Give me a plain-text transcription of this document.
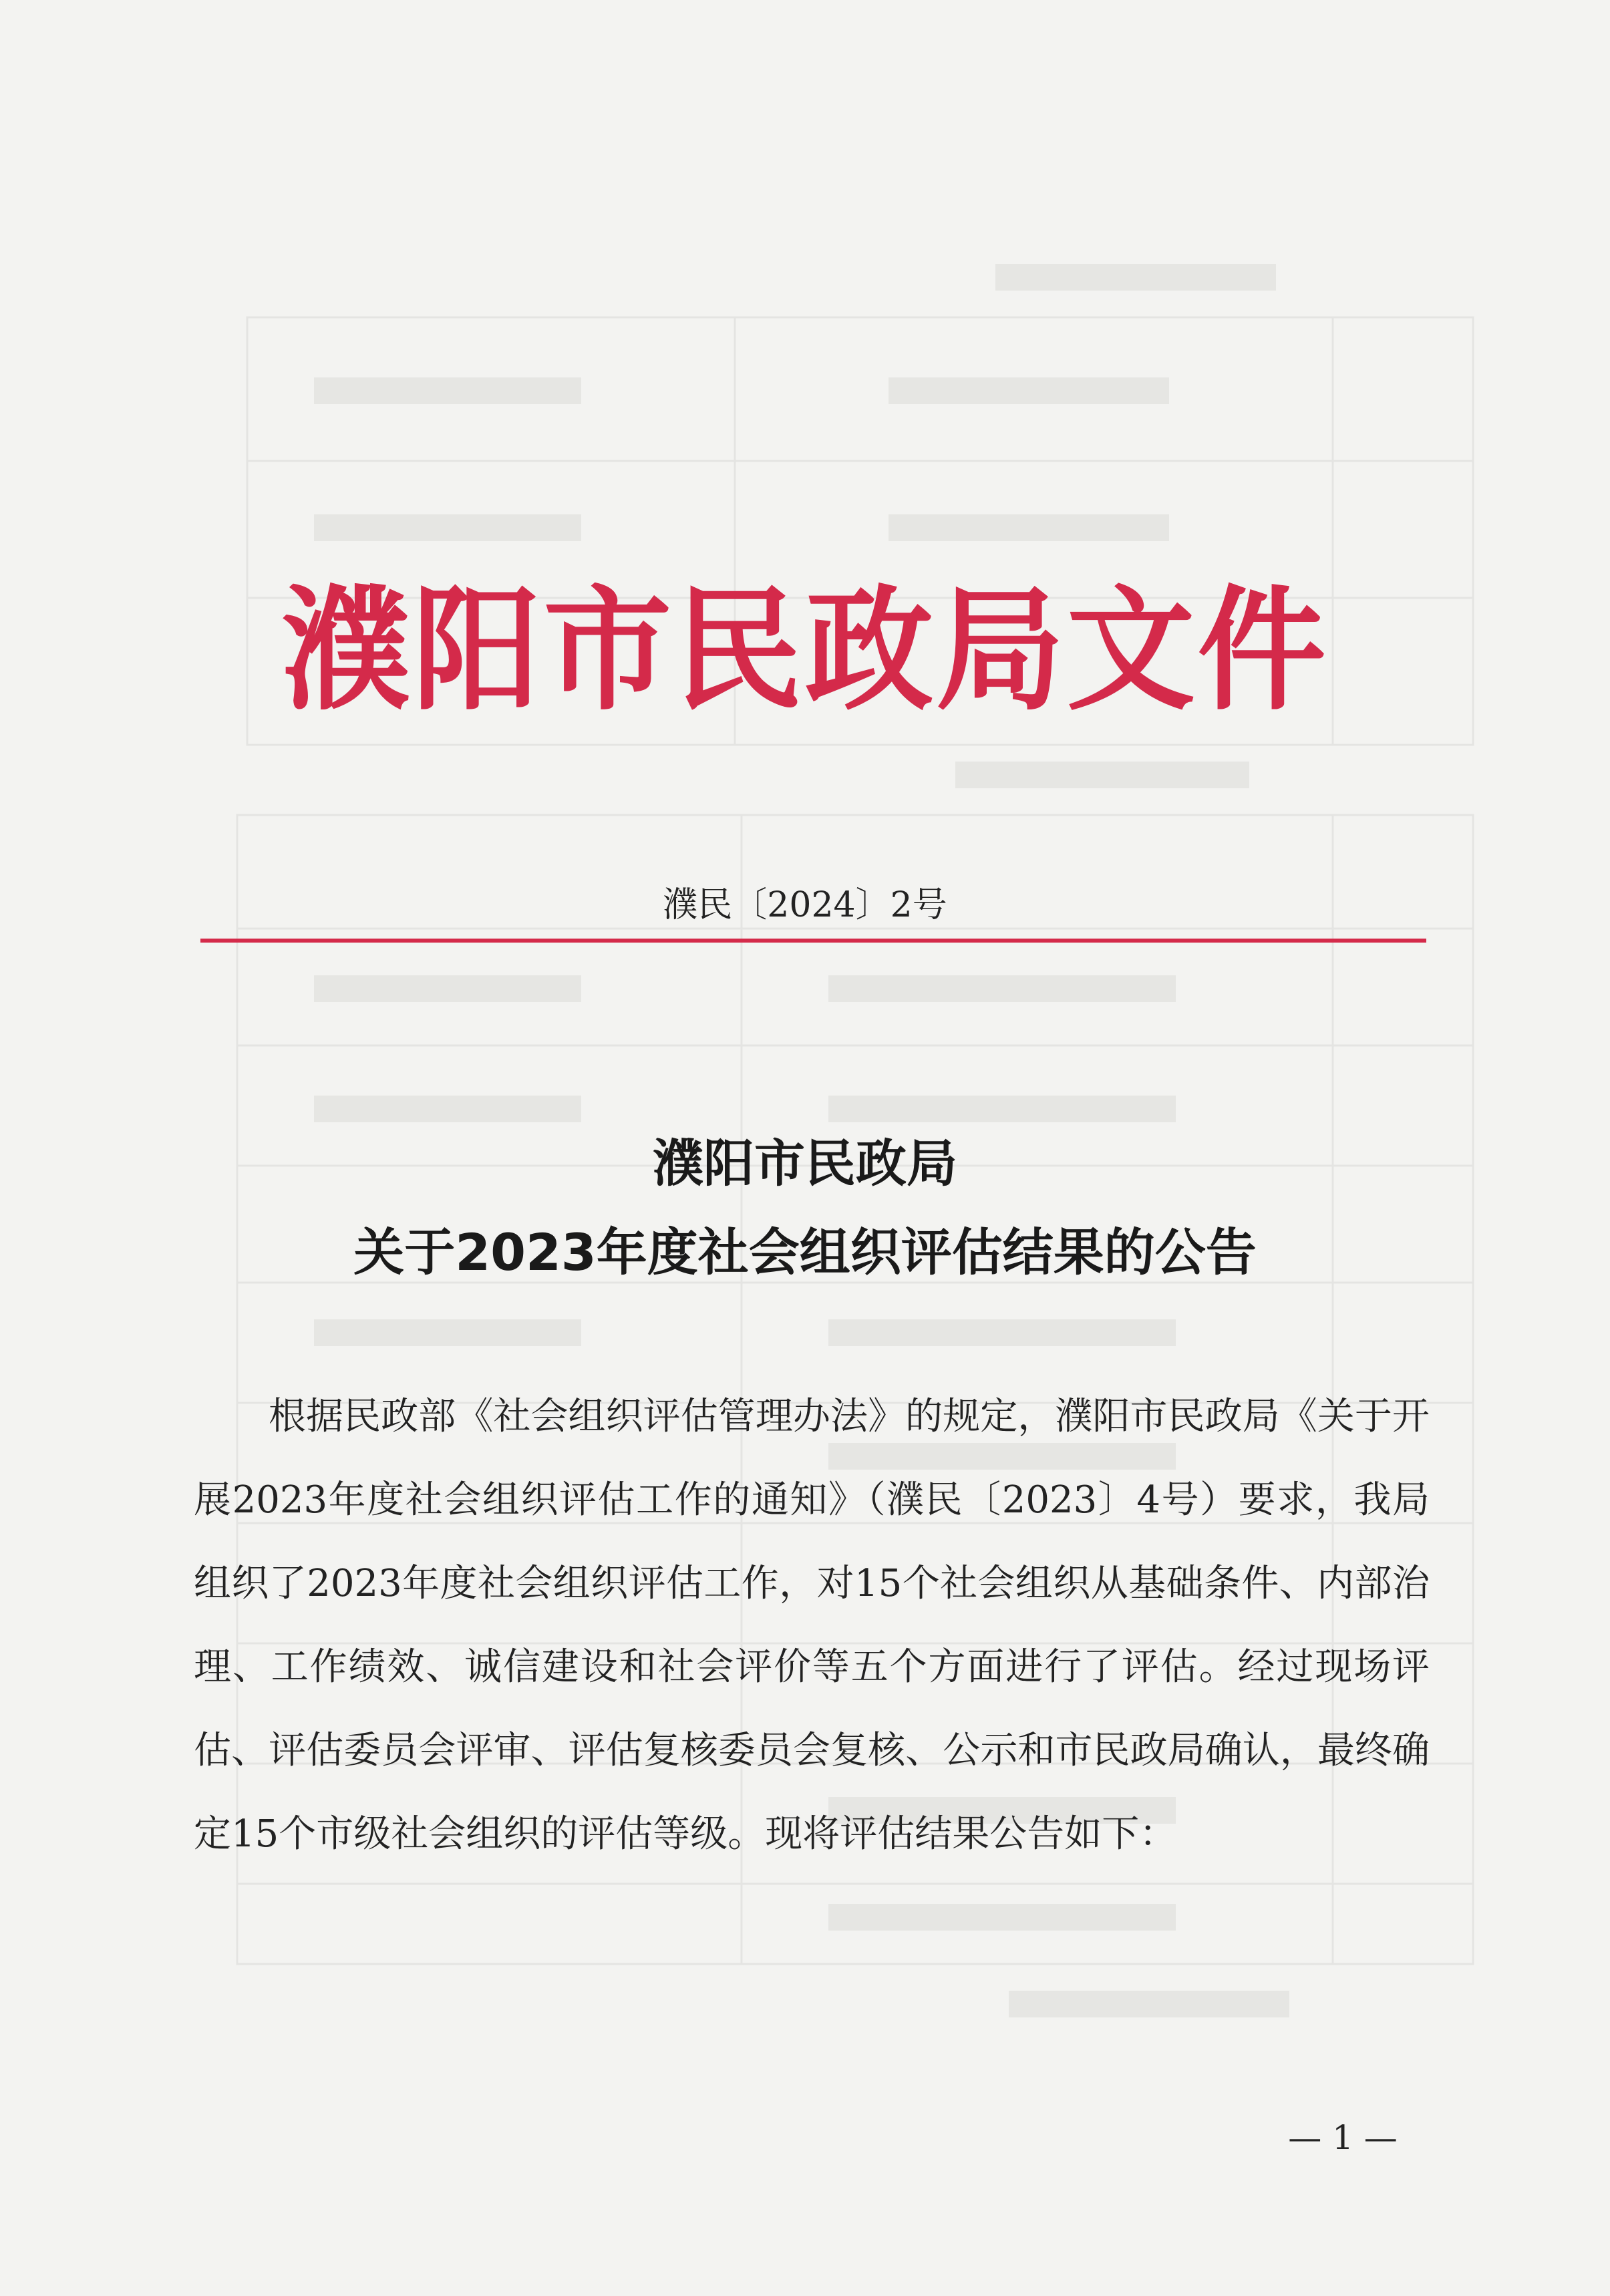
濮阳市民政局文件
濮民〔2024〕2号
濮阳市民政局
关于2023年度社会组织评估结果的公告

根据民政部《社会组织评估管理办法》的规定，濮阳市民政局《关于开展2023年度社会组织评估工作的通知》（濮民〔2023〕4号）要求，我局组织了2023年度社会组织评估工作，对15个社会组织从基础条件、内部治理、工作绩效、诚信建设和社会评价等五个方面进行了评估。经过现场评估、评估委员会评审、评估复核委员会复核、公示和市民政局确认，最终确定15个市级社会组织的评估等级。现将评估结果公告如下：

— 1 —
